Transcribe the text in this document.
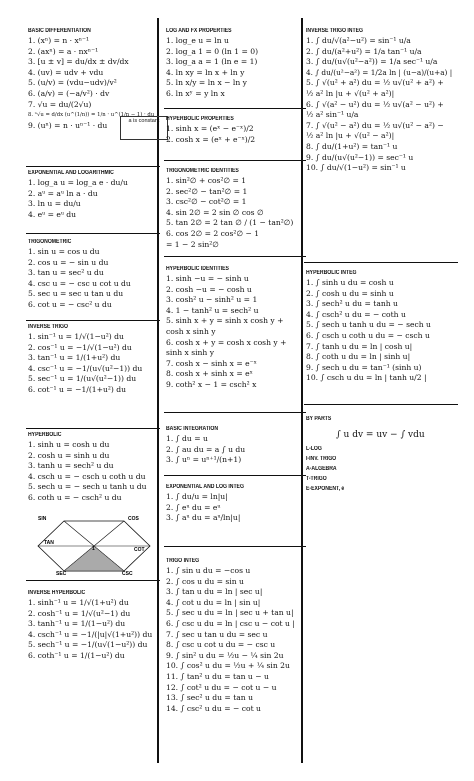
BASIC DIFFERENTIATION
1. (xⁿ) = n · xⁿ⁻¹
2. (axⁿ) = a · nxⁿ⁻¹
3. [u ± v] = du/dx ± dv/dx
4. (uv) = udv + vdu
5. (u/v) = (vdu−udv)/v²
6. (a/v) = (−a/v²) · dv
7. √u = du/(2√u)
8. ⁿ√u = d/dx (u^(1/n)) = 1/n · u^(1/n − 1) · du
9. (uⁿ) = n · uⁿ⁻¹ · du	a is constant
EXPONENTIAL AND LOGARITHMIC
1. log_a u = log_a e · du/u
2. aᵘ = aᵘ ln a · du
3. ln u = du/u
4. eᵘ = eᵘ du
TRIGONOMETRIC
1. sin u = cos u du
2. cos u = − sin u du
3. tan u = sec² u du
4. csc u = − csc u cot u du
5. sec u = sec u tan u du
6. cot u = − csc² u du
INVERSE TRIGO
1. sin⁻¹ u = 1/√(1−u²) du
2. cos⁻¹ u = −1/√(1−u²) du
3. tan⁻¹ u = 1/(1+u²) du
4. csc⁻¹ u = −1/(u√(u²−1)) du
5. sec⁻¹ u = 1/(u√(u²−1)) du
6. cot⁻¹ u = −1/(1+u²) du
HYPERBOLIC
1. sinh u = cosh u du
2. cosh u = sinh u du
3. tanh u = sech² u du
4. csch u = − csch u coth u du
5. sech u = − sech u tanh u du
6. coth u = − csch² u du
SIN	COS
TAN
COT
SEC	CSC
1
INVERSE HYPERBOLIC
1. sinh⁻¹ u = 1/√(1+u²) du
2. cosh⁻¹ u = 1/√(u²−1) du
3. tanh⁻¹ u = 1/(1−u²) du
4. csch⁻¹ u = −1/(|u|√(1+u²)) du
5. sech⁻¹ u = −1/(u√(1−u²)) du
6. coth⁻¹ u = 1/(1−u²) du
LOG AND FX PROPERTIES
1. log_e u = ln u
2. log_a 1 = 0 (ln 1 = 0)
3. log_a a = 1 (ln e = 1)
4. ln xy = ln x + ln y
5. ln x/y = ln x − ln y
6. ln xʸ = y ln x
HYPERBOLIC PROPERTIES
1. sinh x = (eˣ − e⁻ˣ)/2
2. cosh x = (eˣ + e⁻ˣ)/2
TRIGONOMETRIC IDENTITIES
1. sin²∅ + cos²∅ = 1
2. sec²∅ − tan²∅ = 1
3. csc²∅ − cot²∅ = 1
4. sin 2∅ = 2 sin ∅ cos ∅
5. tan 2∅ = 2 tan ∅ / (1 − tan²∅)
6. cos 2∅ = 2 cos²∅ − 1
= 1 − 2 sin²∅
HYPERBOLIC IDENTITIES
1. sinh −u = − sinh u
2. cosh −u = − cosh u
3. cosh² u − sinh² u = 1
4. 1 − tanh² u = sech² u
5. sinh x + y = sinh x cosh y +
cosh x sinh y
6. cosh x + y = cosh x cosh y +
sinh x sinh y
7. cosh x − sinh x = e⁻ˣ
8. cosh x + sinh x = eˣ
9. coth² x − 1 = csch² x
BASIC INTEGRATION
1. ∫ du = u
2. ∫ au du = a ∫ u du
3. ∫ uⁿ = uⁿ⁺¹/(n+1)
EXPONENTIAL AND LOG INTEG
1. ∫ du/u = ln|u|
2. ∫ eᵘ du = eᵘ
3. ∫ aᵘ du = aᵘ/ln|u|
TRIGO INTEG
1. ∫ sin u du = −cos u
2. ∫ cos u du = sin u
3. ∫ tan u du = ln | sec u|
4. ∫ cot u du = ln | sin u|
5. ∫ sec u du = ln | sec u + tan u|
6. ∫ csc u du = ln | csc u − cot u |
7. ∫ sec u tan u du = sec u
8. ∫ csc u cot u du = − csc u
9. ∫ sin² u du = ½u − ¼ sin 2u
10. ∫ cos² u du = ½u + ¼ sin 2u
11. ∫ tan² u du = tan u − u
12. ∫ cot² u du = − cot u − u
13. ∫ sec² u du = tan u
14. ∫ csc² u du = − cot u
INVERSE TRIGO INTEG
1. ∫ du/√(a²−u²) = sin⁻¹ u/a
2. ∫ du/(a²+u²) = 1/a tan⁻¹ u/a
3. ∫ du/(u√(u²−a²)) = 1/a sec⁻¹ u/a
4. ∫ du/(u²−a²) = 1/2a ln | (u−a)/(u+a) |
5. ∫ √(u² + a²) du = ½ u√(u² + a²) +
½ a² ln |u + √(u² + a²)|
6. ∫ √(a² − u²) du = ½ u√(a² − u²) +
½ a² sin⁻¹ u/a
7. ∫ √(u² − a²) du = ½ u√(u² − a²) −
½ a² ln |u + √(u² − a²)|
8. ∫ du/(1+u²) = tan⁻¹ u
9. ∫ du/(u√(u²−1)) = sec⁻¹ u
10. ∫ du/√(1−u²) = sin⁻¹ u
HYPERBOLIC INTEG
1. ∫ sinh u du = cosh u
2. ∫ cosh u du = sinh u
3. ∫ sech² u du = tanh u
4. ∫ csch² u du = − coth u
5. ∫ sech u tanh u du = − sech u
6. ∫ csch u coth u du = − csch u
7. ∫ tanh u du = ln | cosh u|
8. ∫ coth u du = ln | sinh u|
9. ∫ sech u du = tan⁻¹ (sinh u)
10. ∫ csch u du = ln | tanh u/2 |
BY PARTS
∫ u dv = uv − ∫ vdu
L-LOG
I-INV. TRIGO
A-ALGEBRA
T-TRIGO
E-EXPONENT, e
